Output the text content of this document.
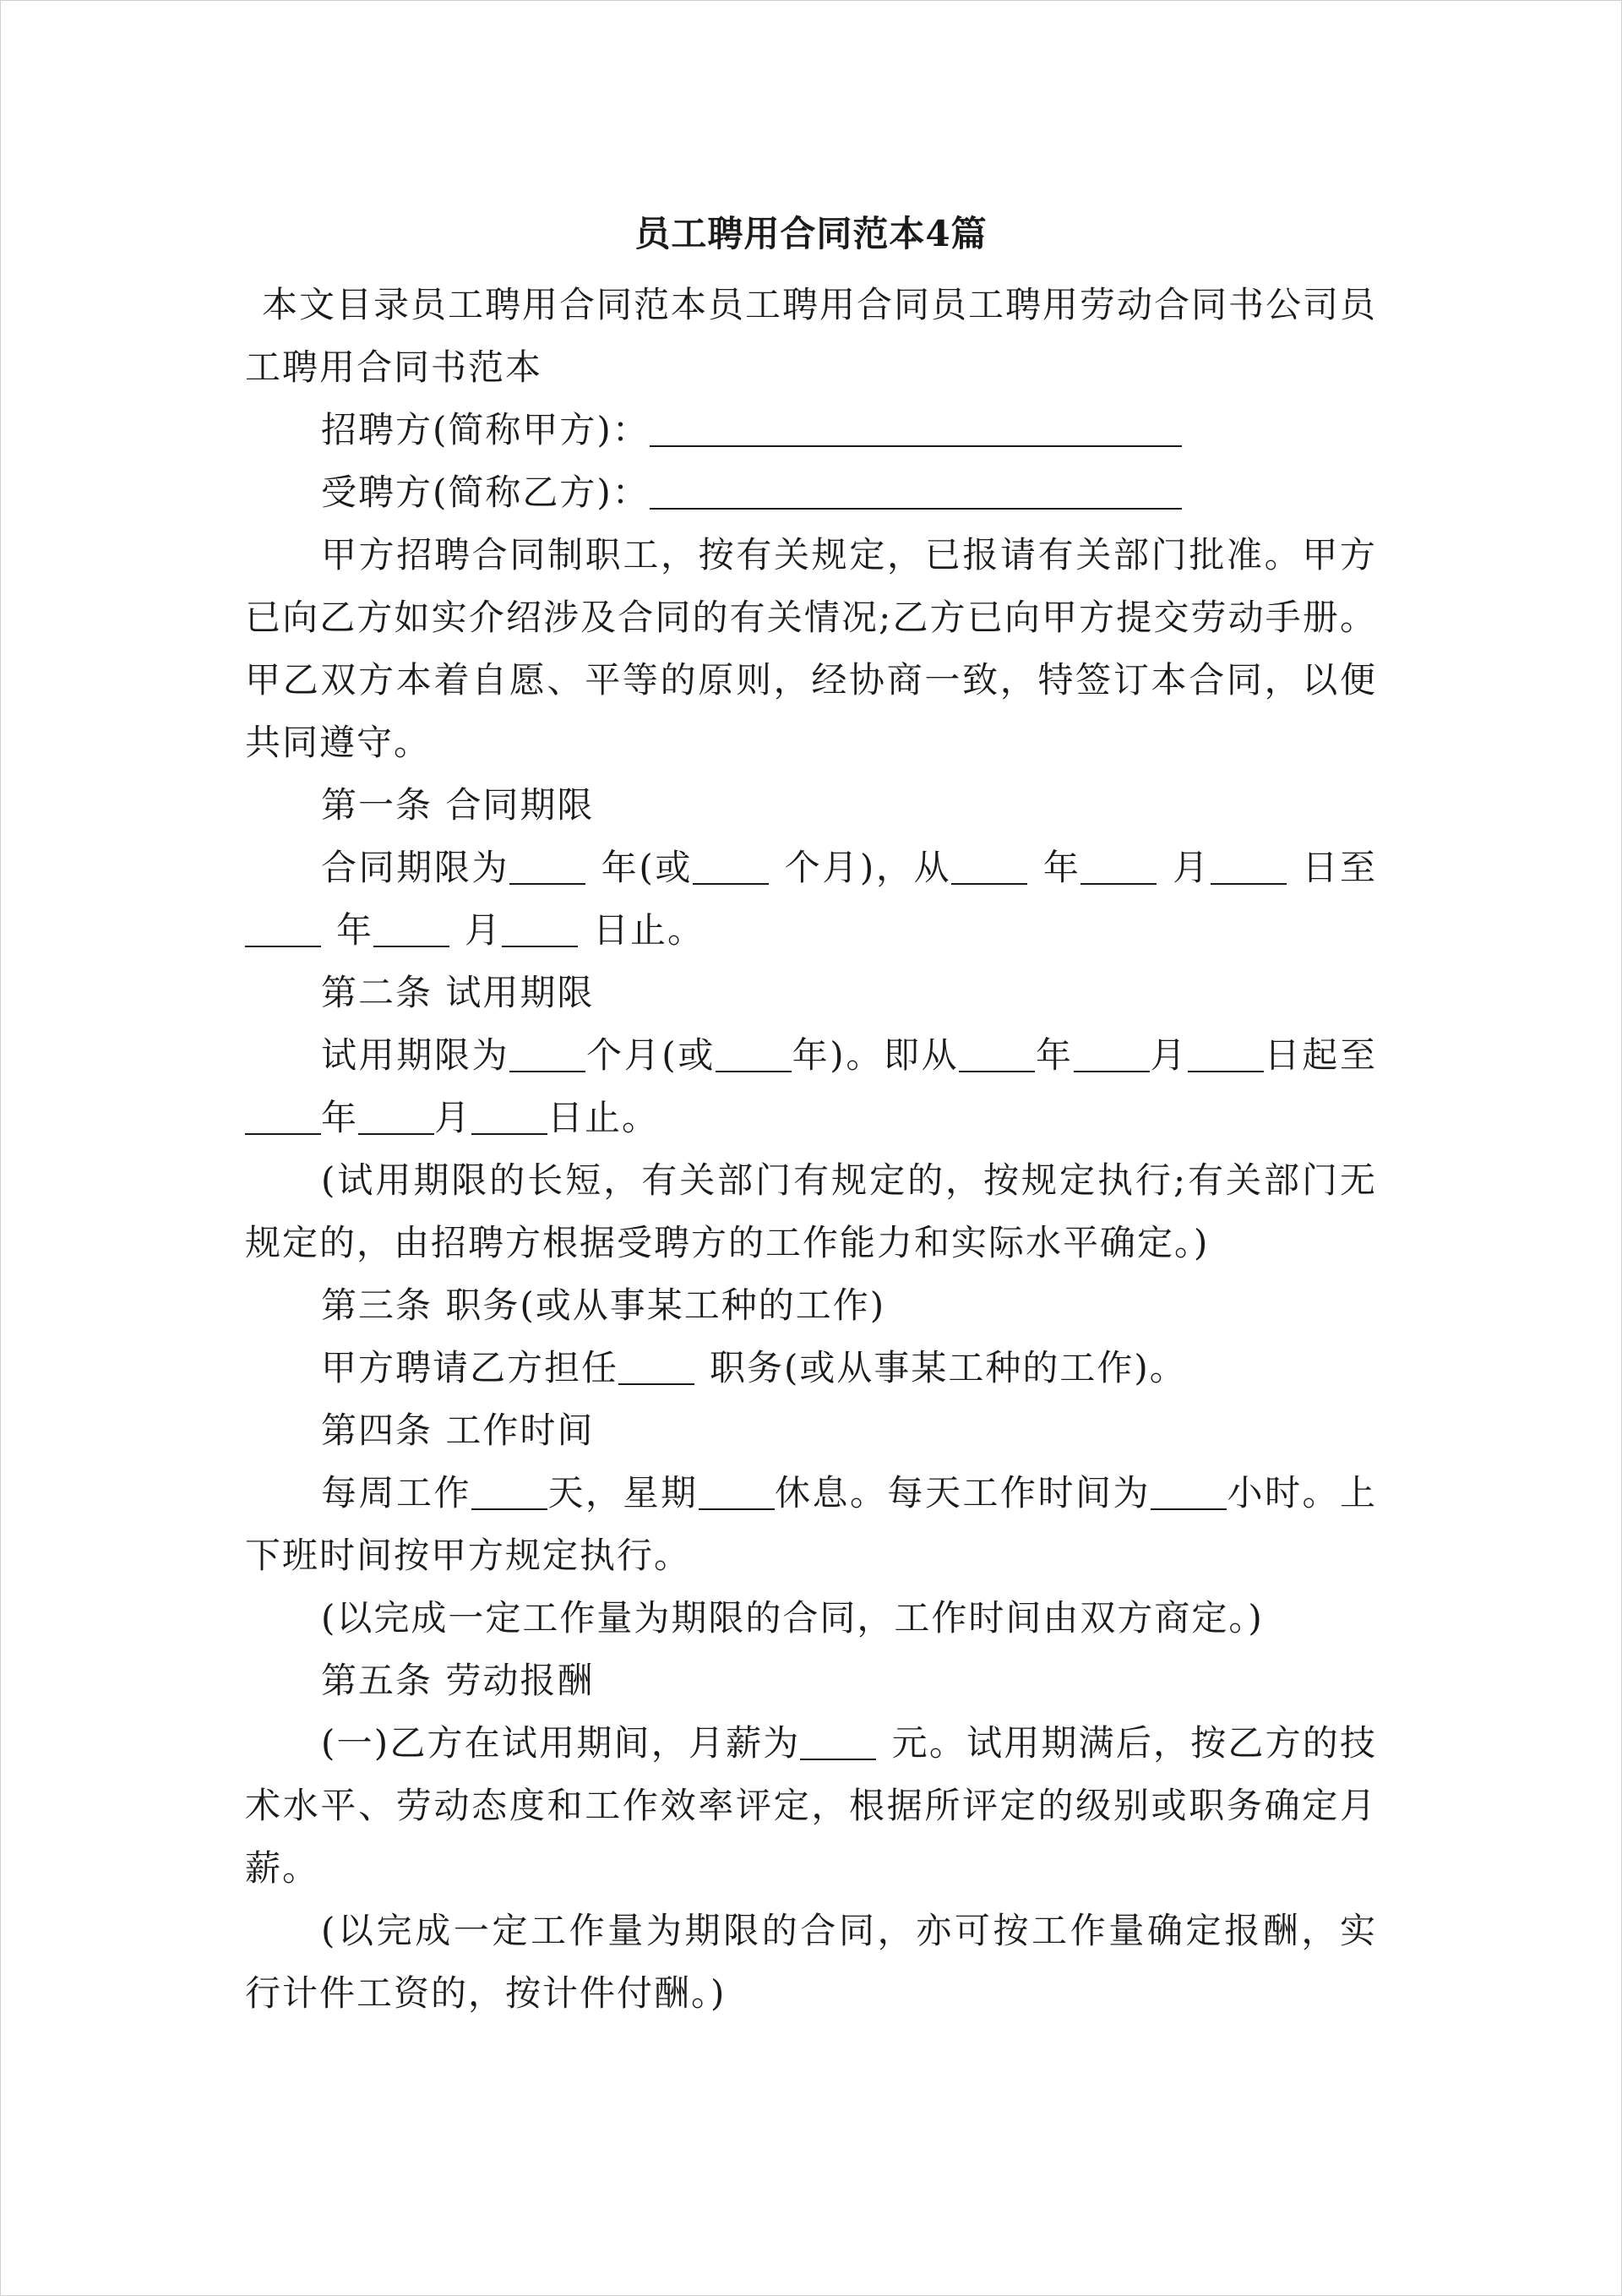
员工聘用合同范本4篇

本文目录员工聘用合同范本员工聘用合同员工聘用劳动合同书公司员工聘用合同书范本

招聘方(简称甲方)：

受聘方(简称乙方)：

甲方招聘合同制职工，按有关规定，已报请有关部门批准。甲方已向乙方如实介绍涉及合同的有关情况;乙方已向甲方提交劳动手册。甲乙双方本着自愿、平等的原则，经协商一致，特签订本合同，以便共同遵守。

第一条 合同期限

合同期限为	年(或	个月)，从	年	月	日至年	月	日止。

第二条 试用期限

试用期限为 个月(或 年)。即从 年 月 日起至年 月 日止。

(试用期限的长短，有关部门有规定的，按规定执行;有关部门无规定的，由招聘方根据受聘方的工作能力和实际水平确定。)

第三条 职务(或从事某工种的工作)

甲方聘请乙方担任	职务(或从事某工种的工作)。

第四条 工作时间

每周工作 天，星期 休息。每天工作时间为 小时。上下班时间按甲方规定执行。

(以完成一定工作量为期限的合同，工作时间由双方商定。)

第五条 劳动报酬

(一)乙方在试用期间，月薪为	元。试用期满后，按乙方的技术水平、劳动态度和工作效率评定，根据所评定的级别或职务确定月薪。

(以完成一定工作量为期限的合同，亦可按工作量确定报酬，实行计件工资的，按计件付酬。)
